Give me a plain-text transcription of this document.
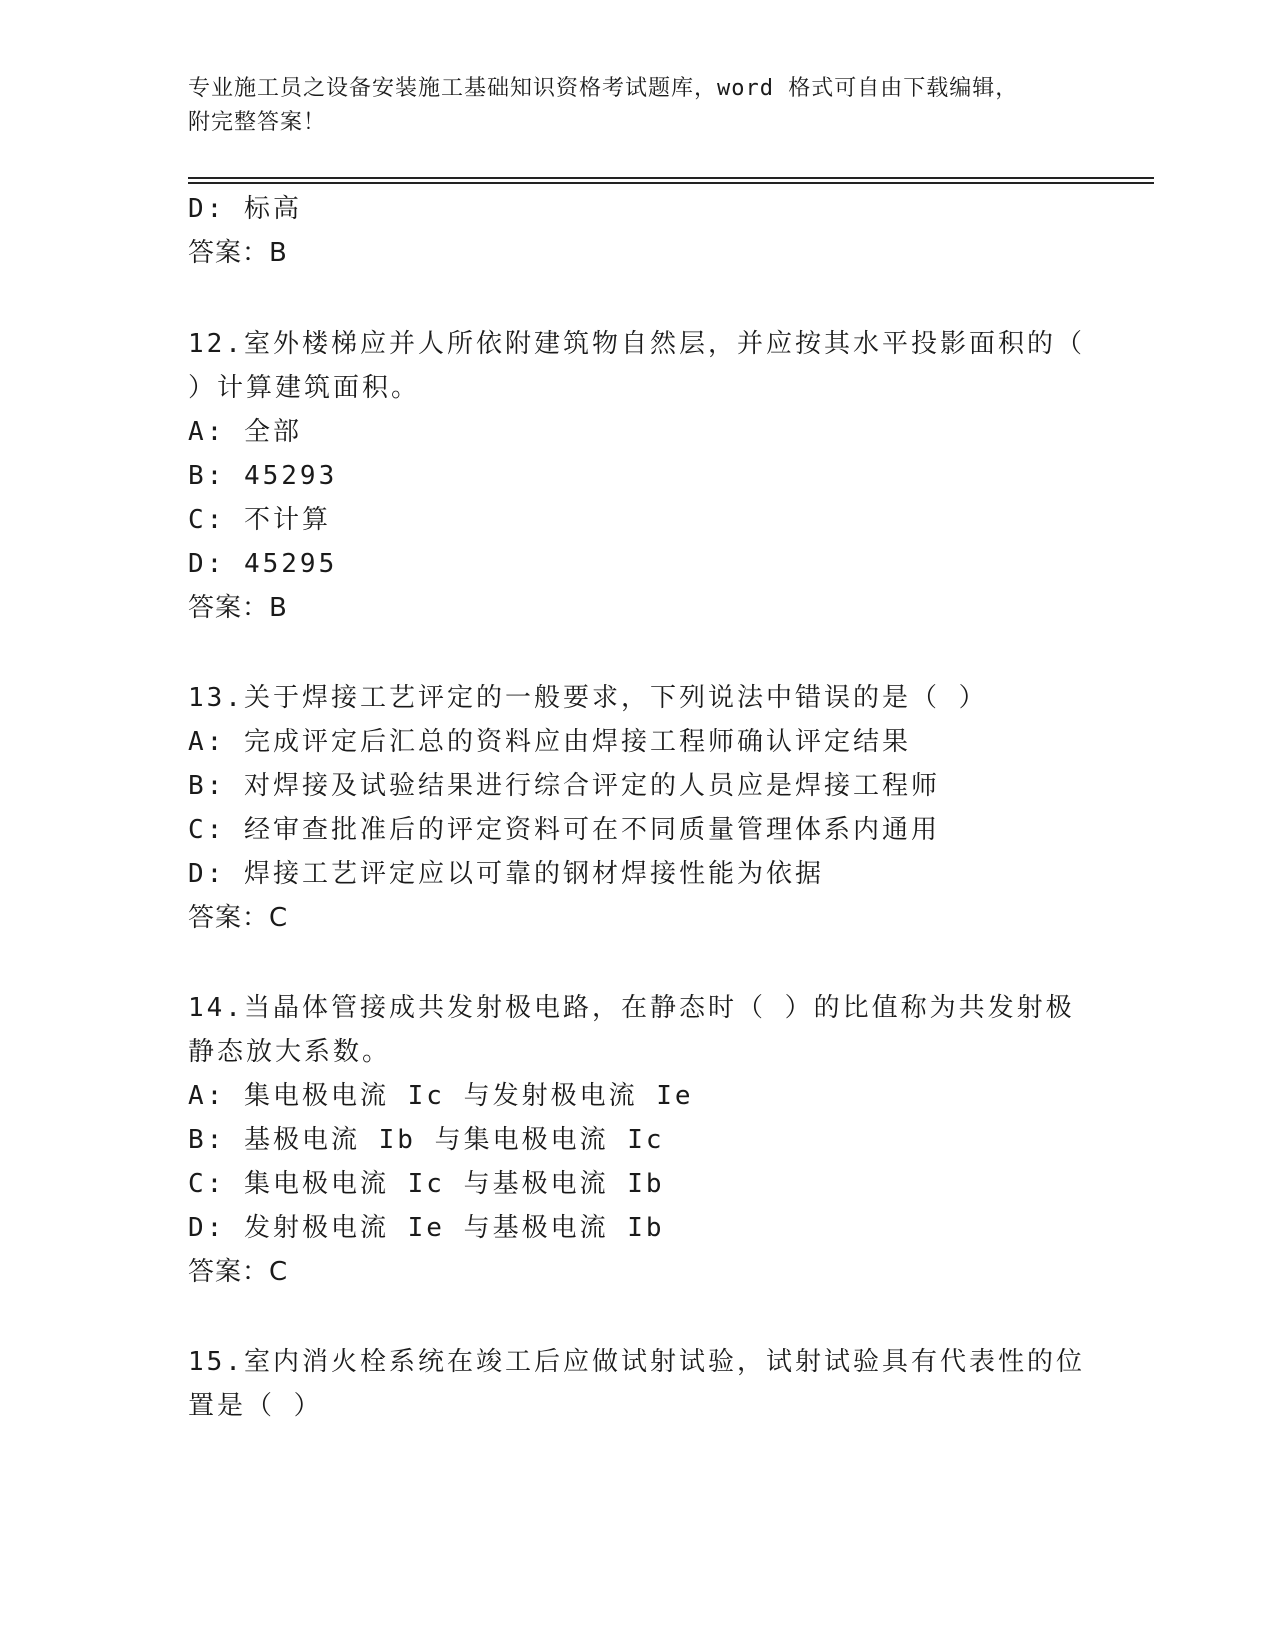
专业施工员之设备安装施工基础知识资格考试题库，word 格式可自由下载编辑，
附完整答案！
D: 标高
答案：B
12.室外楼梯应并人所依附建筑物自然层，并应按其水平投影面积的（
）计算建筑面积。
A: 全部
B: 45293
C: 不计算
D: 45295
答案：B
13.关于焊接工艺评定的一般要求，下列说法中错误的是（ ）
A: 完成评定后汇总的资料应由焊接工程师确认评定结果
B: 对焊接及试验结果进行综合评定的人员应是焊接工程师
C: 经审查批准后的评定资料可在不同质量管理体系内通用
D: 焊接工艺评定应以可靠的钢材焊接性能为依据
答案：C
14.当晶体管接成共发射极电路，在静态时（ ）的比值称为共发射极
静态放大系数。
A: 集电极电流 Ic 与发射极电流 Ie
B: 基极电流 Ib 与集电极电流 Ic
C: 集电极电流 Ic 与基极电流 Ib
D: 发射极电流 Ie 与基极电流 Ib
答案：C
15.室内消火栓系统在竣工后应做试射试验，试射试验具有代表性的位
置是（ ）
